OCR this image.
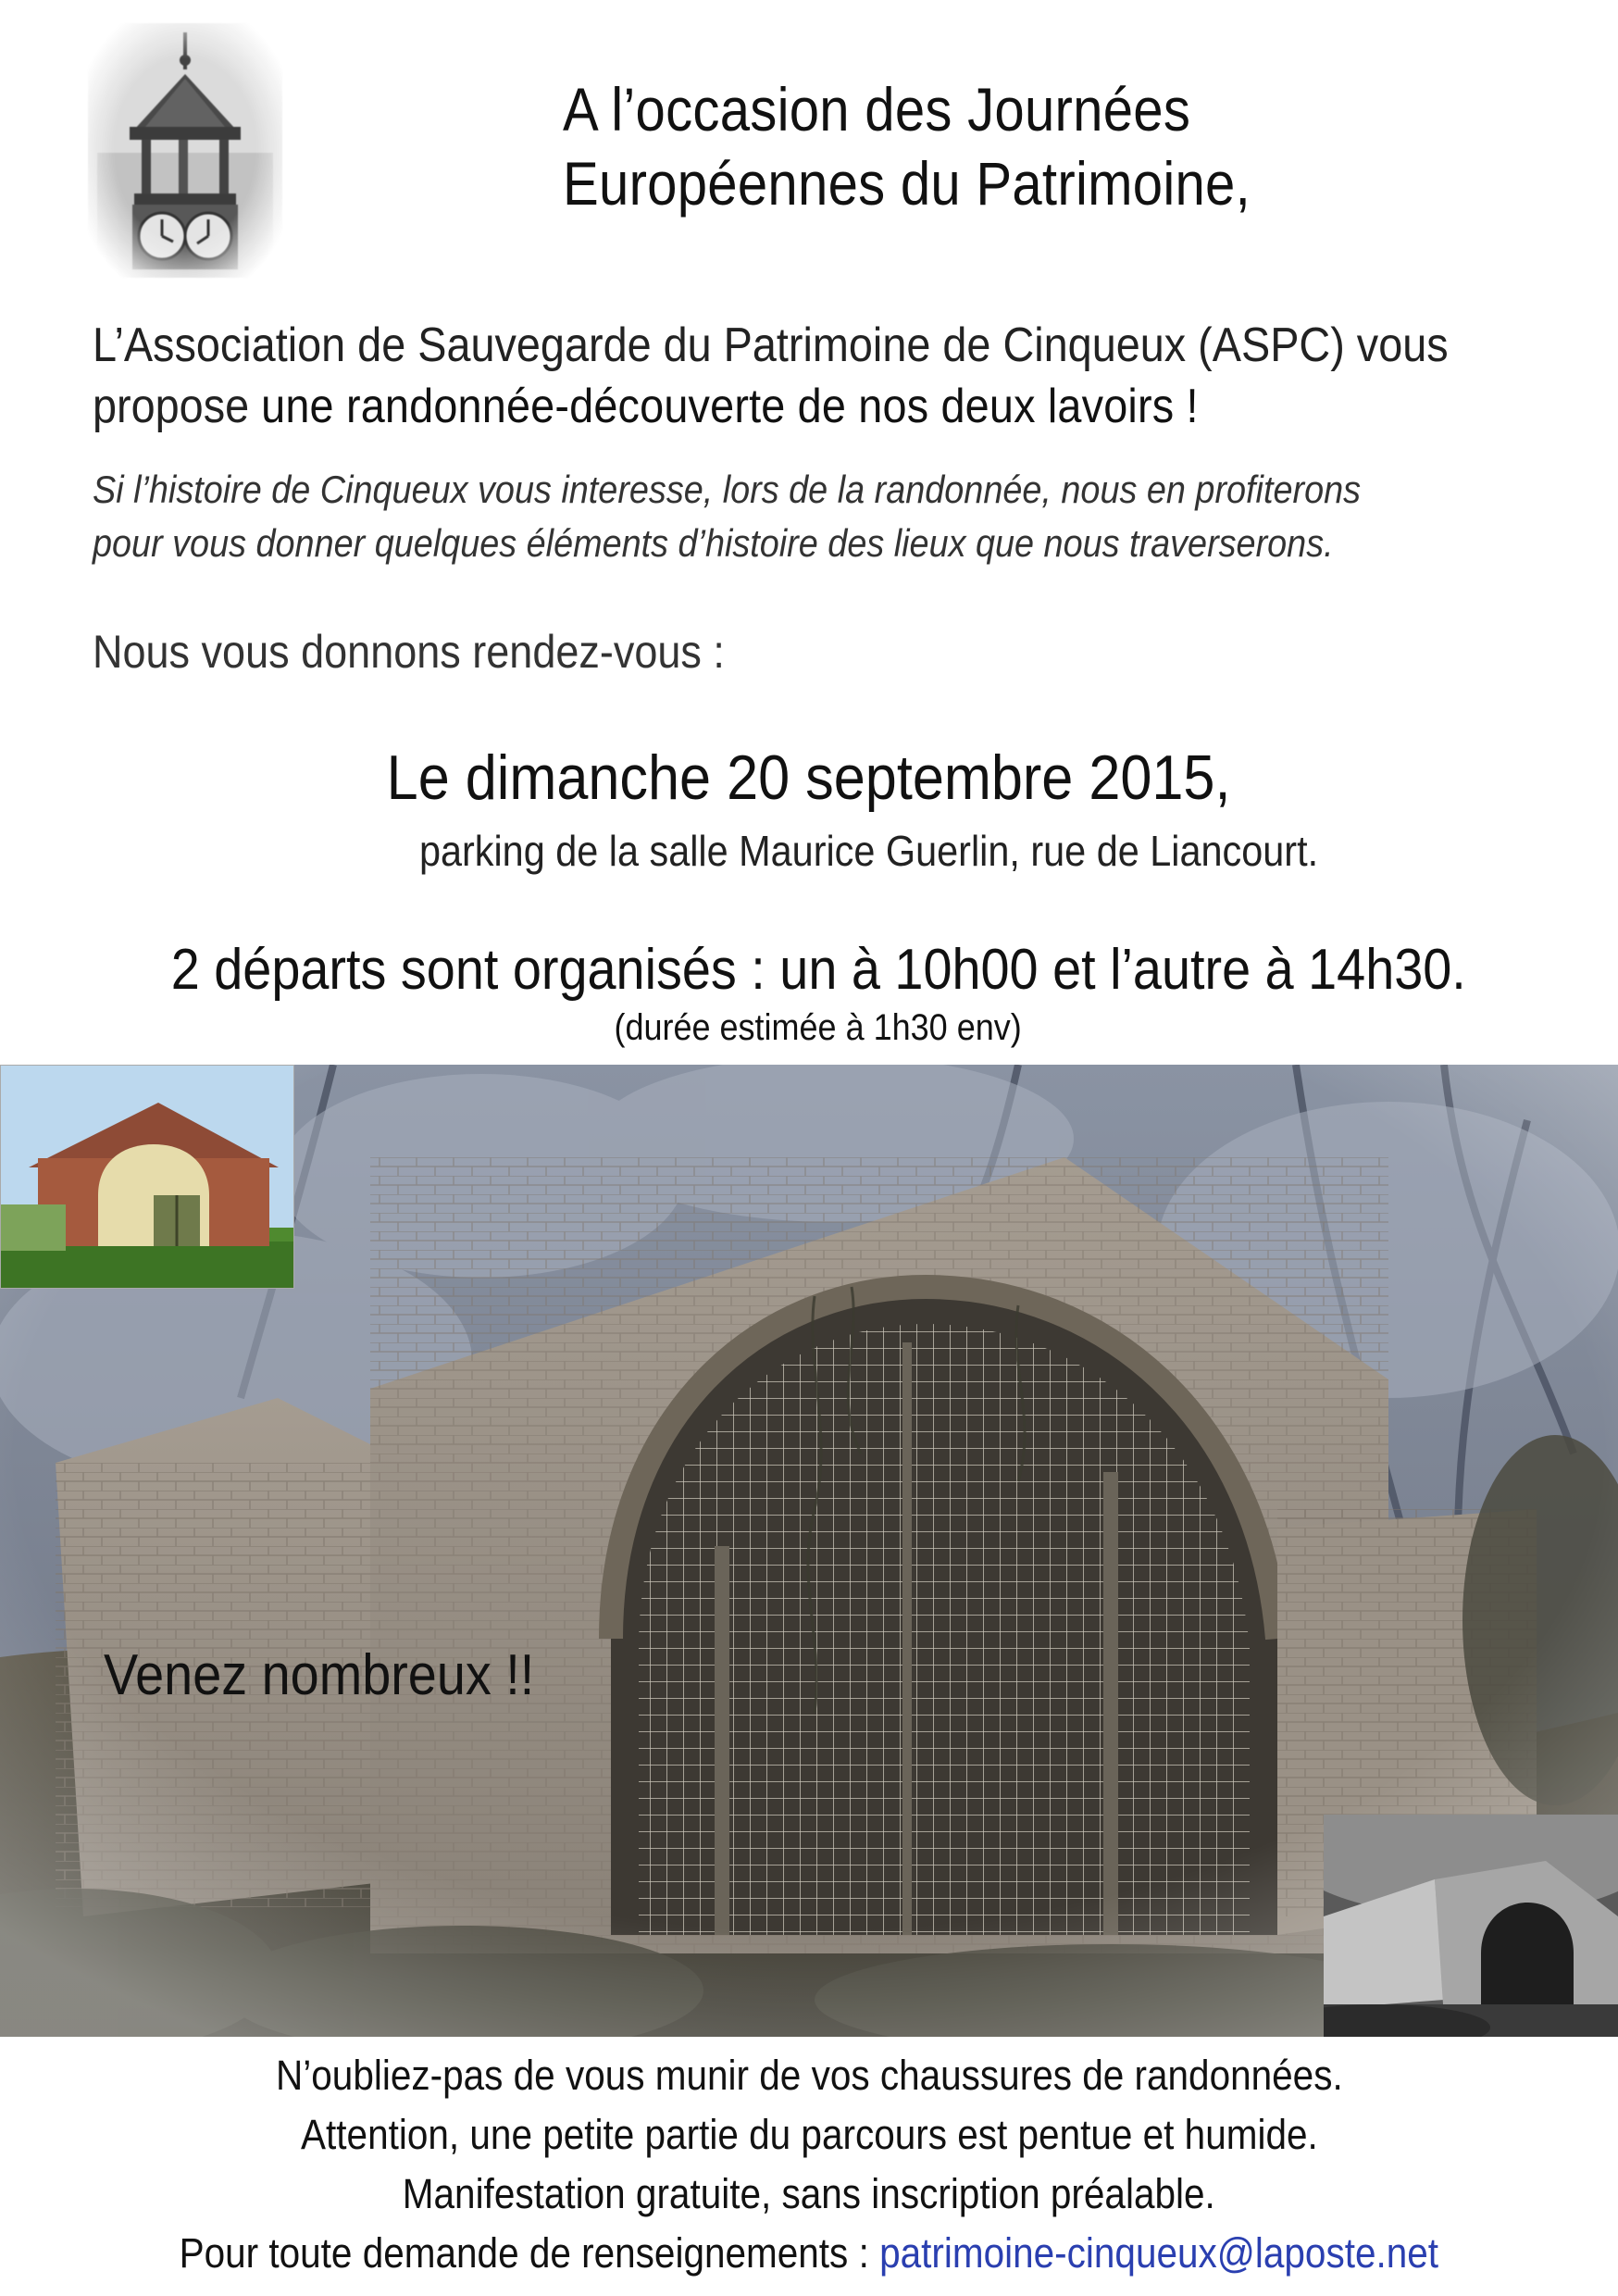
A l’occasion des Journées
Européennes du Patrimoine,
L’Association de Sauvegarde du Patrimoine de Cinqueux (ASPC) vous
propose une randonnée-découverte de nos deux lavoirs !
Si l’histoire de Cinqueux vous interesse, lors de la randonnée, nous en profiterons
pour vous donner quelques éléments d’histoire des lieux que nous traverserons.
Nous vous donnons rendez-vous :
Le dimanche 20 septembre 2015,
parking de la salle Maurice Guerlin, rue de Liancourt.
2 départs sont organisés : un à 10h00 et l’autre à 14h30.
(durée estimée à 1h30 env)
Venez nombreux !!
N’oubliez-pas de vous munir de vos chaussures de randonnées.
Attention, une petite partie du parcours est pentue et humide.
Manifestation gratuite, sans inscription préalable.
Pour toute demande de renseignements : patrimoine-cinqueux@laposte.net
